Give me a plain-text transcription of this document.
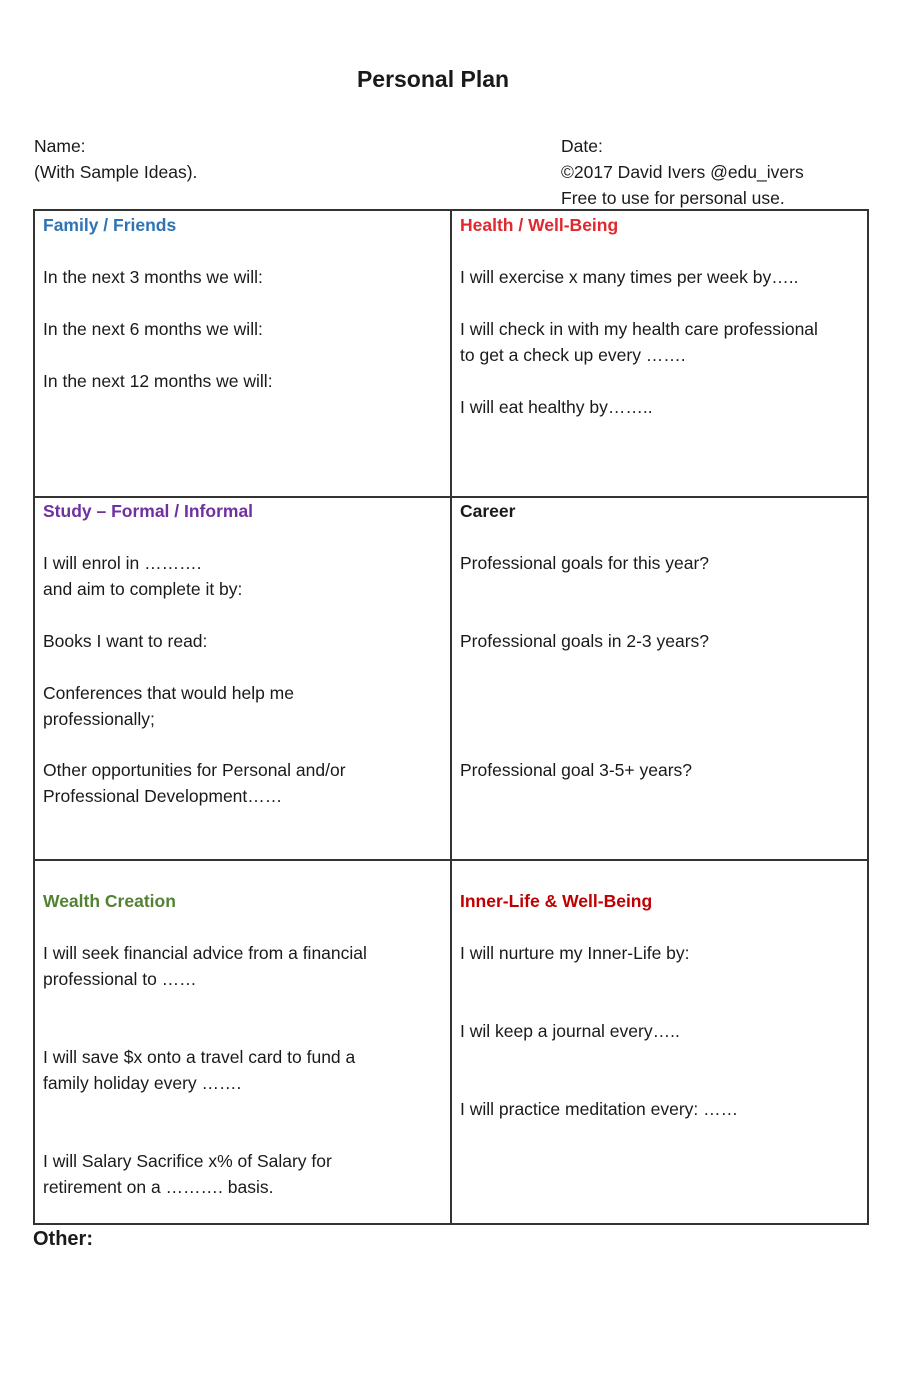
Personal Plan
Name:
(With Sample Ideas).
Date:
©2017 David Ivers @edu_ivers
Free to use for personal use.
Family / Friends
In the next 3 months we will:
In the next 6 months we will:
In the next 12 months we will:
Health / Well-Being
I will exercise x many times per week by…..
I will check in with my health care professional
to get a check up every …….
I will eat healthy by……..
Study – Formal / Informal
I will enrol in ……….
and aim to complete it by:
Books I want to read:
Conferences that would help me
professionally;
Other opportunities for Personal and/or
Professional Development……
Career
Professional goals for this year?
Professional goals in 2-3 years?
Professional goal 3-5+ years?
Wealth Creation
I will seek financial advice from a financial
professional to ……
I will save $x onto a travel card to fund a
family holiday every …….
I will Salary Sacrifice x% of Salary for
retirement on a ………. basis.
Inner-Life & Well-Being
I will nurture my Inner-Life by:
I wil keep a journal every…..
I will practice meditation every: ……
Other:
